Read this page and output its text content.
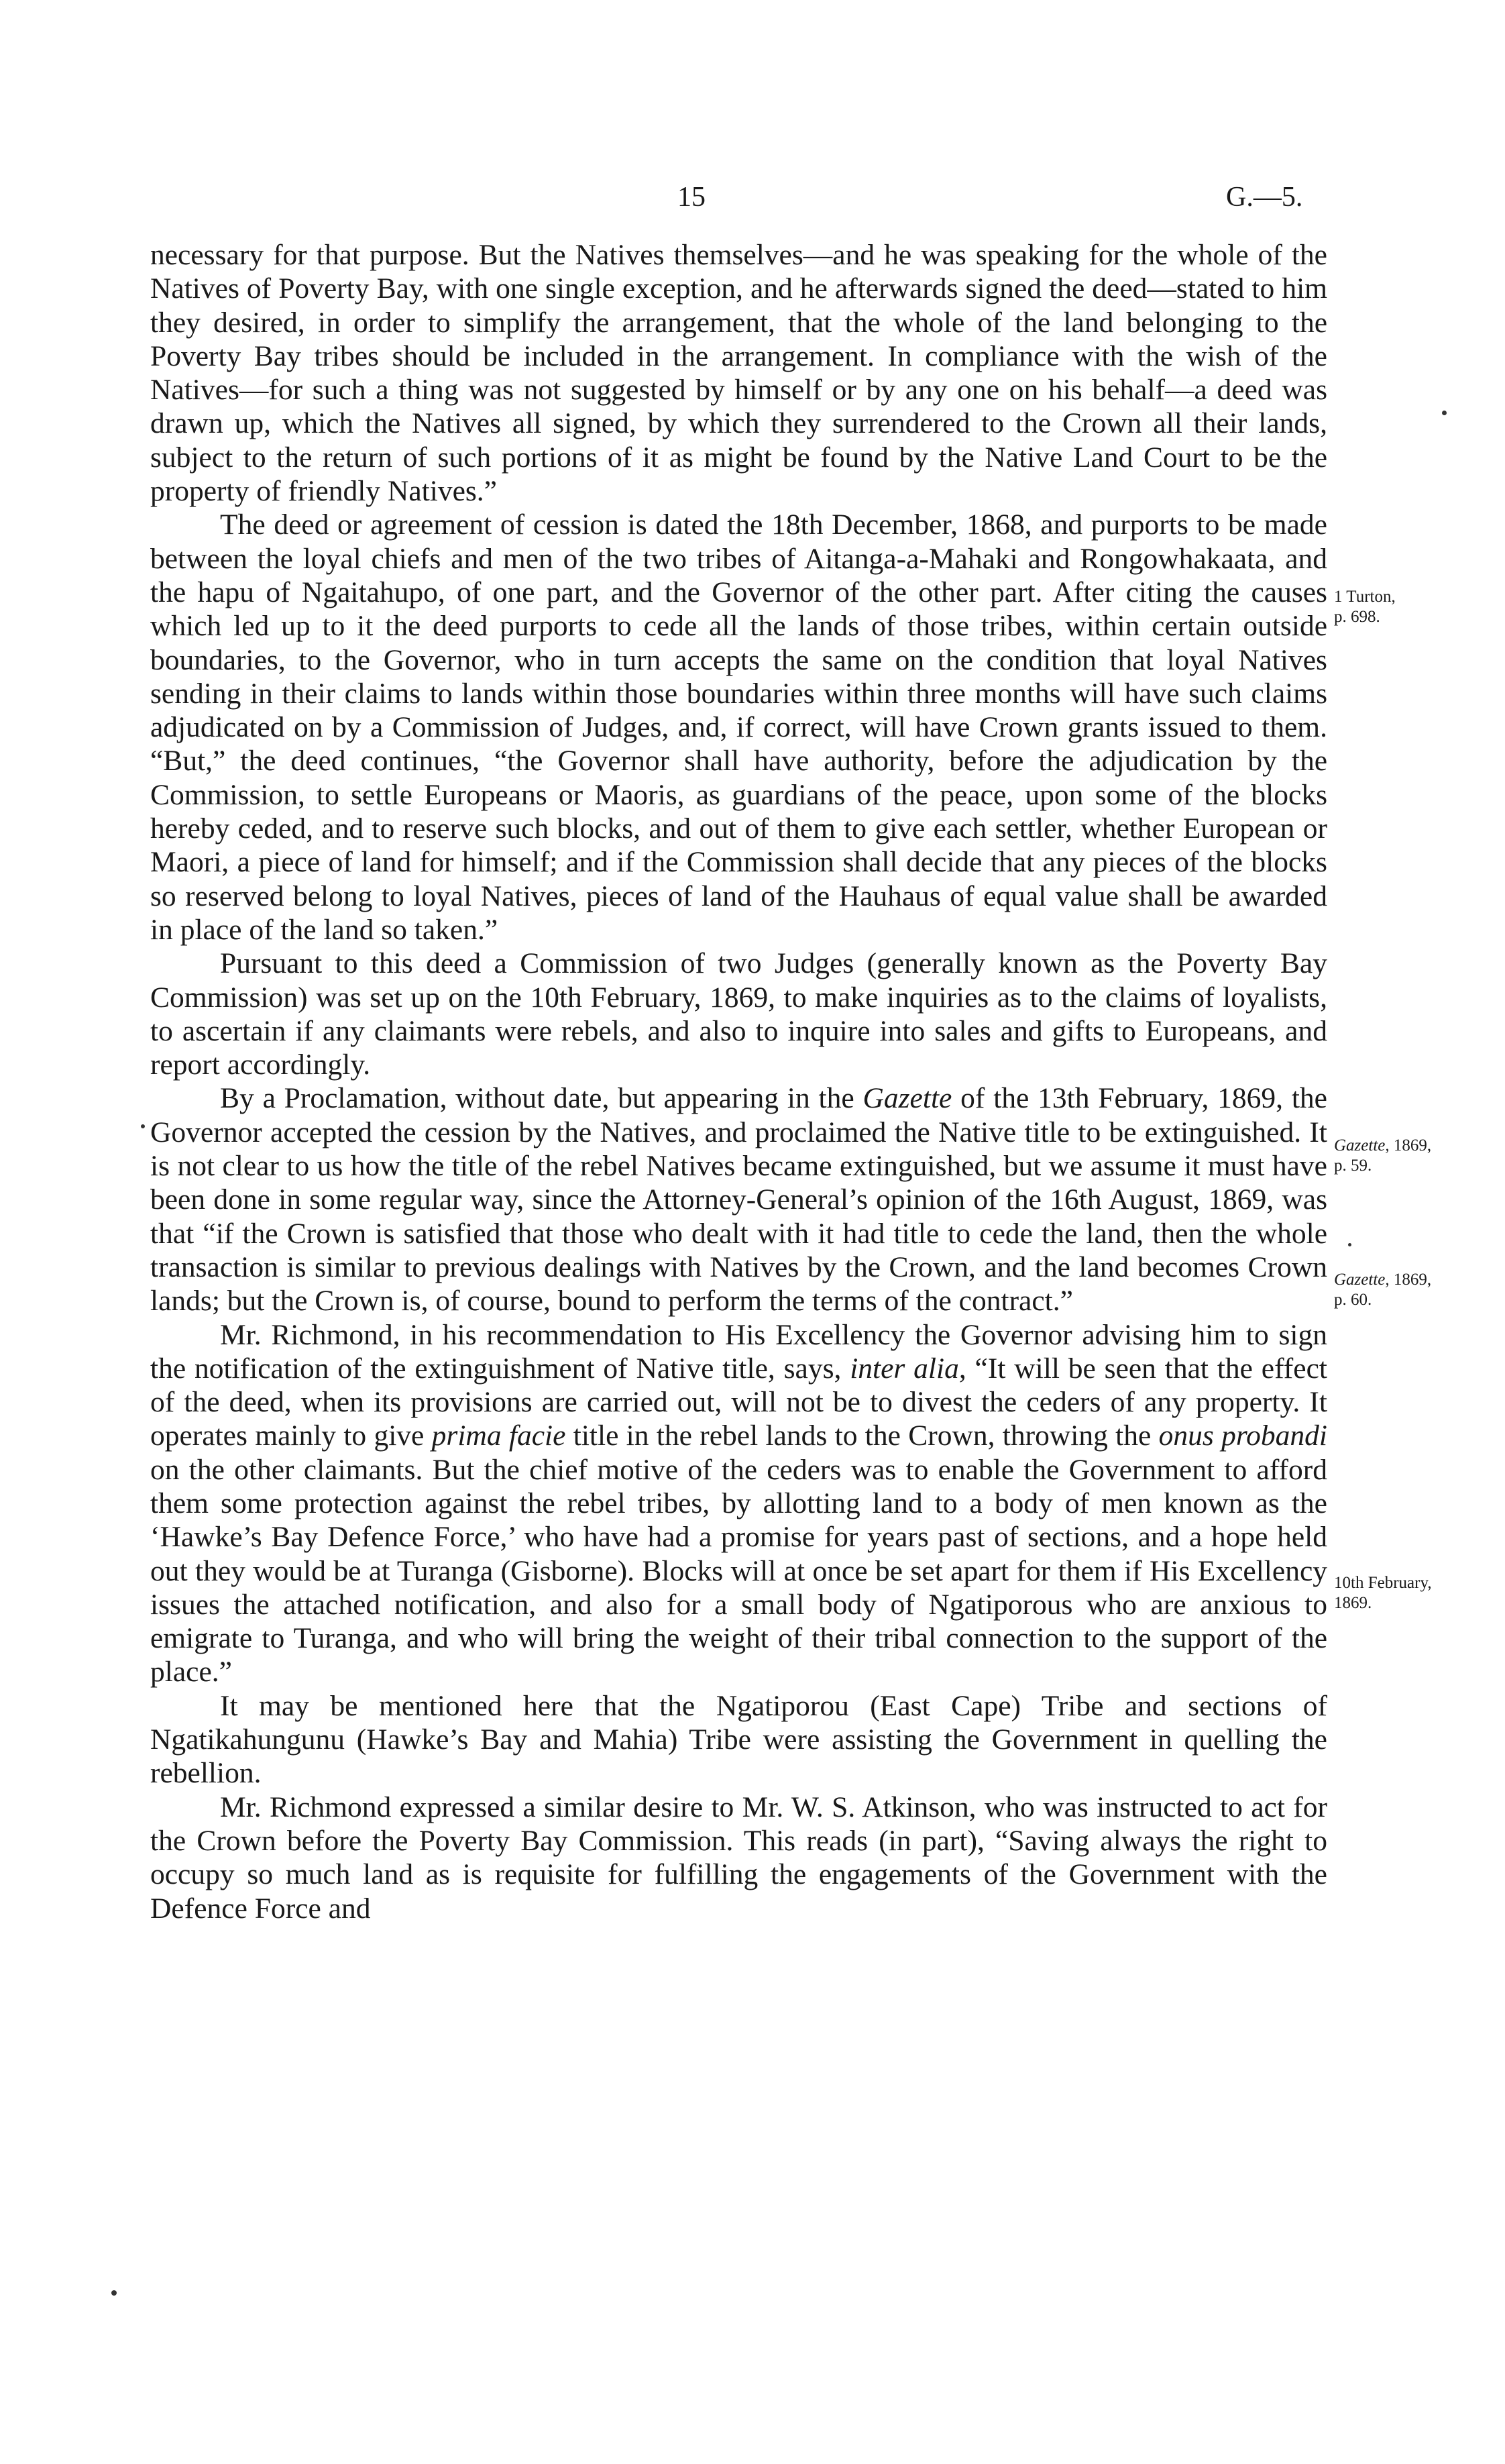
15	G.—5.

necessary for that purpose. But the Natives themselves—and he was speaking for the whole of the Natives of Poverty Bay, with one single exception, and he afterwards signed the deed—stated to him they desired, in order to simplify the arrangement, that the whole of the land belonging to the Poverty Bay tribes should be included in the arrangement. In compliance with the wish of the Natives—for such a thing was not suggested by himself or by any one on his behalf—a deed was drawn up, which the Natives all signed, by which they surrendered to the Crown all their lands, subject to the return of such portions of it as might be found by the Native Land Court to be the property of friendly Natives.”

The deed or agreement of cession is dated the 18th December, 1868, and purports to be made between the loyal chiefs and men of the two tribes of Aitanga-a-Mahaki and Rongowhakaata, and the hapu of Ngaitahupo, of one part, and the Governor of the other part. After citing the causes which led up to it the deed purports to cede all the lands of those tribes, within certain outside boundaries, to the Governor, who in turn accepts the same on the condition that loyal Natives sending in their claims to lands within those boundaries within three months will have such claims adjudicated on by a Commission of Judges, and, if correct, will have Crown grants issued to them. “But,” the deed continues, “the Governor shall have authority, before the adjudication by the Commission, to settle Europeans or Maoris, as guardians of the peace, upon some of the blocks hereby ceded, and to reserve such blocks, and out of them to give each settler, whether European or Maori, a piece of land for himself; and if the Commission shall decide that any pieces of the blocks so reserved belong to loyal Natives, pieces of land of the Hauhaus of equal value shall be awarded in place of the land so taken.”

Pursuant to this deed a Commission of two Judges (generally known as the Poverty Bay Commission) was set up on the 10th February, 1869, to make inquiries as to the claims of loyalists, to ascertain if any claimants were rebels, and also to inquire into sales and gifts to Europeans, and report accordingly.

By a Proclamation, without date, but appearing in the Gazette of the 13th February, 1869, the Governor accepted the cession by the Natives, and proclaimed the Native title to be extinguished. It is not clear to us how the title of the rebel Natives became extinguished, but we assume it must have been done in some regular way, since the Attorney-General’s opinion of the 16th August, 1869, was that “if the Crown is satisfied that those who dealt with it had title to cede the land, then the whole transaction is similar to previous dealings with Natives by the Crown, and the land becomes Crown lands; but the Crown is, of course, bound to perform the terms of the contract.”

Mr. Richmond, in his recommendation to His Excellency the Governor advising him to sign the notification of the extinguishment of Native title, says, inter alia, “It will be seen that the effect of the deed, when its provisions are carried out, will not be to divest the ceders of any property. It operates mainly to give prima facie title in the rebel lands to the Crown, throwing the onus probandi on the other claimants. But the chief motive of the ceders was to enable the Government to afford them some protection against the rebel tribes, by allotting land to a body of men known as the ‘Hawke’s Bay Defence Force,’ who have had a promise for years past of sections, and a hope held out they would be at Turanga (Gisborne). Blocks will at once be set apart for them if His Excellency issues the attached notification, and also for a small body of Ngatiporous who are anxious to emigrate to Turanga, and who will bring the weight of their tribal connection to the support of the place.”

It may be mentioned here that the Ngatiporou (East Cape) Tribe and sections of Ngatikahungunu (Hawke’s Bay and Mahia) Tribe were assisting the Government in quelling the rebellion.

Mr. Richmond expressed a similar desire to Mr. W. S. Atkinson, who was instructed to act for the Crown before the Poverty Bay Commission. This reads (in part), “Saving always the right to occupy so much land as is requisite for fulfilling the engagements of the Government with the Defence Force and

1 Turton,
p. 698.
Gazette, 1869,
p. 59.
Gazette, 1869,
p. 60.
10th February, 1869.
